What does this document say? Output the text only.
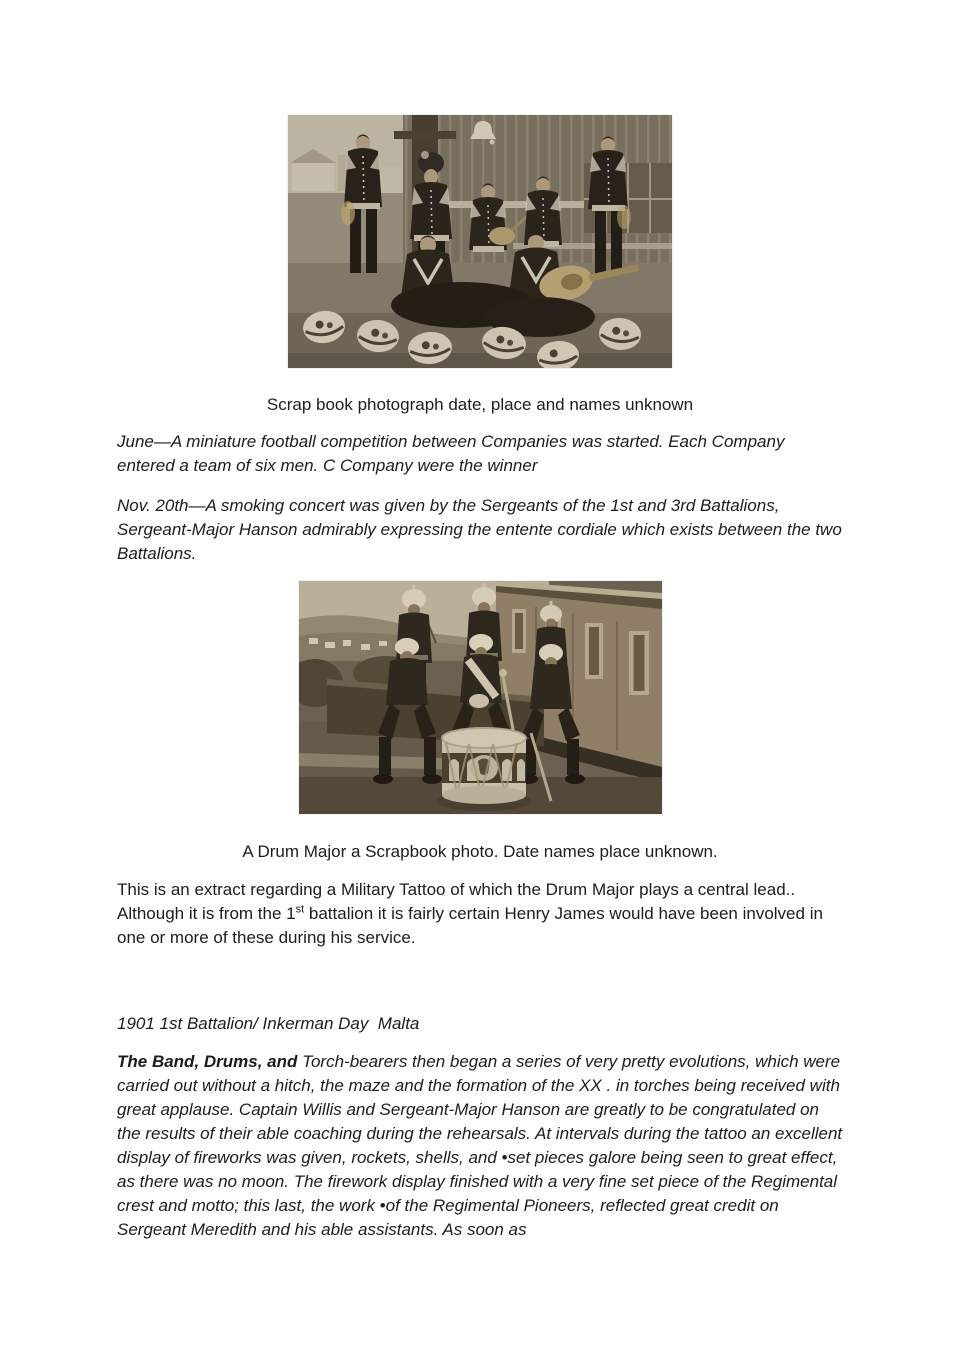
Scrap book photograph date, place and names unknown

June—A miniature football competition between Companies was started. Each Company entered a team of six men. C Company were the winner

Nov. 20th—A smoking concert was given by the Sergeants of the 1st and 3rd Battalions, Sergeant-Major Hanson admirably expressing the entente cordiale which exists between the two Battalions.

A Drum Major a Scrapbook photo. Date names place unknown.

This is an extract regarding a Military Tattoo of which the Drum Major plays a central lead.. Although it is from the 1st battalion it is fairly certain Henry James would have been involved in one or more of these during his service.

1901 1st Battalion/ Inkerman Day  Malta

The Band, Drums, and Torch-bearers then began a series of very pretty evolutions, which were carried out without a hitch, the maze and the formation of the XX . in torches being received with great applause. Captain Willis and Sergeant-Major Hanson are greatly to be congratulated on the results of their able coaching during the rehearsals. At intervals during the tattoo an excellent display of fireworks was given, rockets, shells, and •set pieces galore being seen to great effect, as there was no moon. The firework display finished with a very fine set piece of the Regimental crest and motto; this last, the work •of the Regimental Pioneers, reflected great credit on Sergeant Meredith and his able assistants. As soon as
